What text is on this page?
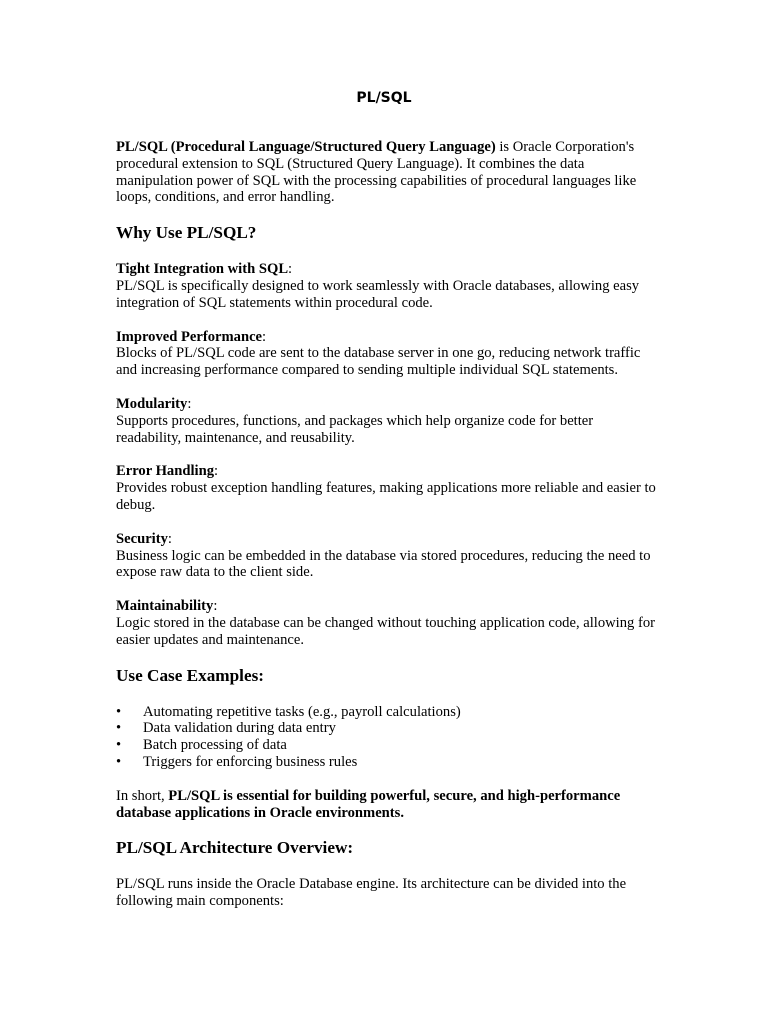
PL/SQL

PL/SQL (Procedural Language/Structured Query Language) is Oracle Corporation's procedural extension to SQL (Structured Query Language). It combines the data manipulation power of SQL with the processing capabilities of procedural languages like loops, conditions, and error handling.

Why Use PL/SQL?
Tight Integration with SQL:
PL/SQL is specifically designed to work seamlessly with Oracle databases, allowing easy integration of SQL statements within procedural code.
Improved Performance:
Blocks of PL/SQL code are sent to the database server in one go, reducing network traffic and increasing performance compared to sending multiple individual SQL statements.
Modularity:
Supports procedures, functions, and packages which help organize code for better readability, maintenance, and reusability.
Error Handling:
Provides robust exception handling features, making applications more reliable and easier to debug.
Security:
Business logic can be embedded in the database via stored procedures, reducing the need to expose raw data to the client side.
Maintainability:
Logic stored in the database can be changed without touching application code, allowing for easier updates and maintenance.
Use Case Examples:
• Automating repetitive tasks (e.g., payroll calculations)
• Data validation during data entry
• Batch processing of data
• Triggers for enforcing business rules

In short, PL/SQL is essential for building powerful, secure, and high-performance database applications in Oracle environments.

PL/SQL Architecture Overview:

PL/SQL runs inside the Oracle Database engine. Its architecture can be divided into the following main components:
